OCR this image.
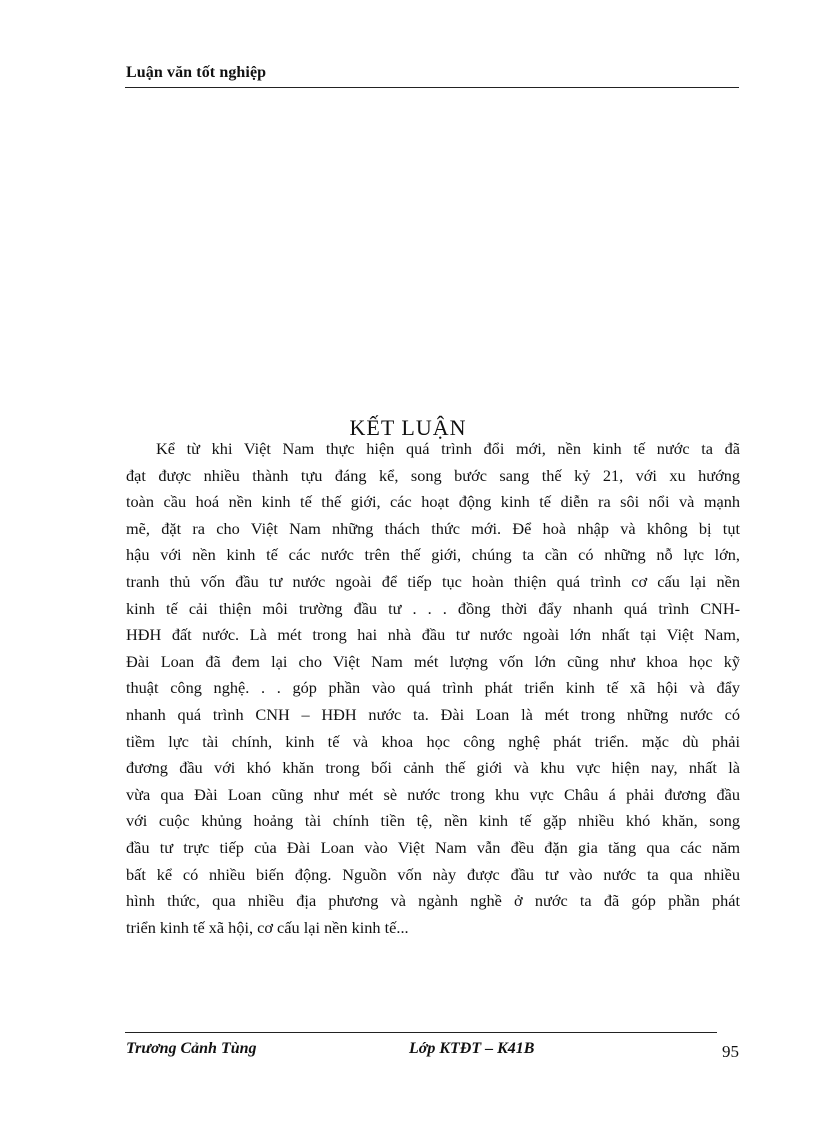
Luận văn tốt nghiệp
KẾT LUẬN
Kể từ khi Việt Nam thực hiện quá trình đổi mới, nền kinh tế nước ta đã
đạt được nhiều thành tựu đáng kể, song bước sang thế kỷ 21, với xu hướng
toàn cầu hoá nền kinh tế thế giới, các hoạt động kinh tế diễn ra sôi nổi và mạnh
mẽ, đặt ra cho Việt Nam những thách thức mới. Để hoà nhập và không bị tụt
hậu với nền kinh tế các nước trên thế giới, chúng ta cần có những nỗ lực lớn,
tranh thủ vốn đầu tư nước ngoài để tiếp tục hoàn thiện quá trình cơ cấu lại nền
kinh tế cải thiện môi trường đầu tư . . . đồng thời đẩy nhanh quá trình CNH-
HĐH đất nước. Là mét trong hai nhà đầu tư nước ngoài lớn nhất tại Việt Nam,
Đài Loan đã đem lại cho Việt Nam mét lượng vốn lớn cũng như khoa học kỹ
thuật công nghệ. . . góp phần vào quá trình phát triển kinh tế xã hội và đẩy
nhanh quá trình CNH – HĐH nước ta. Đài Loan là mét trong những nước có
tiềm lực tài chính, kinh tế và khoa học công nghệ phát triển. mặc dù phải
đương đầu với khó khăn trong bối cảnh thế giới và khu vực hiện nay, nhất là
vừa qua Đài Loan cũng như mét sè nước trong khu vực Châu á phải đương đầu
với cuộc khủng hoảng tài chính tiền tệ, nền kinh tế gặp nhiều khó khăn, song
đầu tư trực tiếp của Đài Loan vào Việt Nam vẫn đều đặn gia tăng qua các năm
bất kể có nhiều biến động. Nguồn vốn này được đầu tư vào nước ta qua nhiều
hình thức, qua nhiều địa phương và ngành nghề ở nước ta đã góp phần phát
triển kinh tế xã hội, cơ cấu lại nền kinh tế...
Trương Cảnh Tùng	Lớp KTĐT – K41B	95
